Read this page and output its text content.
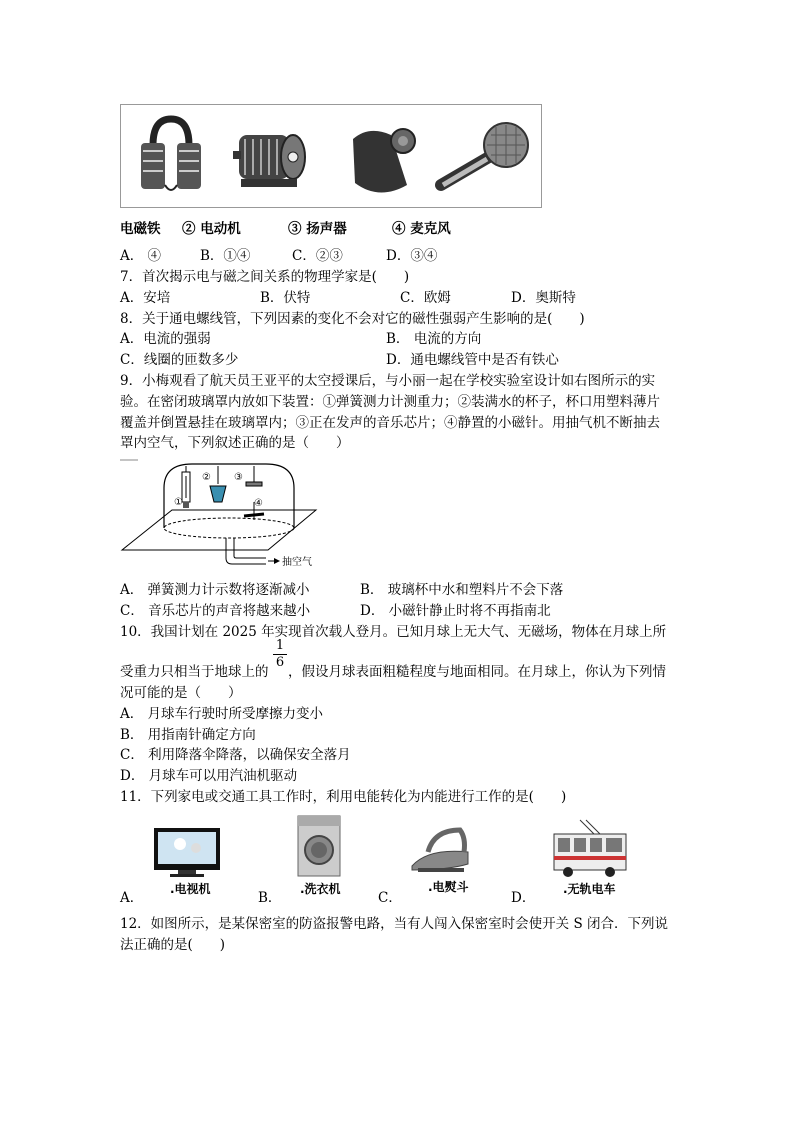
电磁铁 ② 电动机	③ 扬声器	④ 麦克风
A． ④	B．①④	C．②③	D．③④
7．首次揭示电与磁之间关系的物理学家是(　　)
A．安培	B．伏特	C．欧姆	D．奥斯特
8．关于通电螺线管，下列因素的变化不会对它的磁性强弱产生影响的是(　　)
A．电流的强弱	B． 电流的方向
C．线圈的匝数多少	D．通电螺线管中是否有铁心
9．小梅观看了航天员王亚平的太空授课后，与小丽一起在学校实验室设计如右图所示的实
验。在密闭玻璃罩内放如下装置：①弹簧测力计测重力；②装满水的杯子，杯口用塑料薄片
覆盖并倒置悬挂在玻璃罩内；③正在发声的音乐芯片；④静置的小磁针。用抽气机不断抽去
罩内空气，下列叙述正确的是（　　）
①
② ③
④
抽空气
A． 弹簧测力计示数将逐渐减小	B． 玻璃杯中水和塑料片不会下落
C． 音乐芯片的声音将越来越小	D． 小磁针静止时将不再指南北
10．我国计划在 2025 年实现首次载人登月。已知月球上无大气、无磁场，物体在月球上所
受重力只相当于地球上的
1
6
，假设月球表面粗糙程度与地面相同。在月球上，你认为下列情
况可能的是（　　）
A． 月球车行驶时所受摩擦力变小
B． 用指南针确定方向
C． 利用降落伞降落，以确保安全落月
D． 月球车可以用汽油机驱动
11．下列家电或交通工具工作时，利用电能转化为内能进行工作的是(　　)
A．
.电视机
B．
.洗衣机
C．
.电熨斗
D．
.无轨电车
12．如图所示，是某保密室的防盗报警电路，当有人闯入保密室时会使开关 S 闭合．下列说
法正确的是(　　)
